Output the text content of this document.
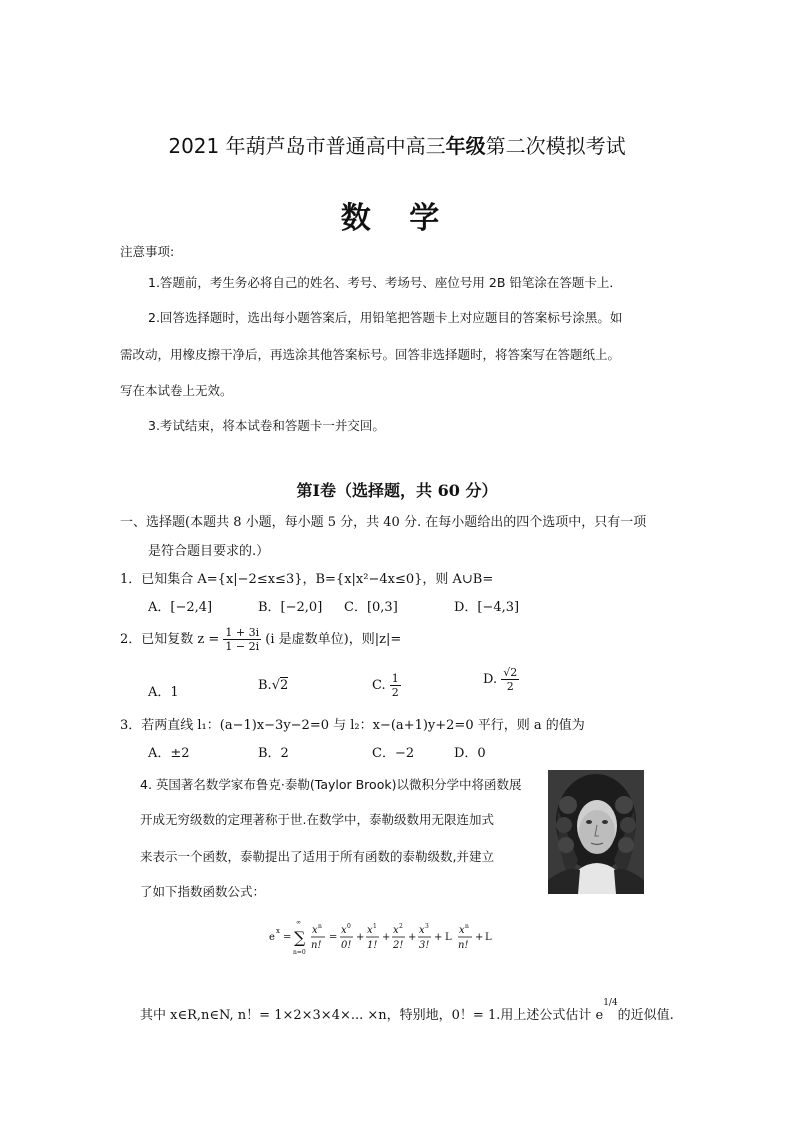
2021 年葫芦岛市普通高中高三年级第二次模拟考试
数 学
注意事项:
1.答题前，考生务必将自己的姓名、考号、考场号、座位号用 2B 铅笔涂在答题卡上．
2.回答选择题时，选出每小题答案后，用铅笔把答题卡上对应题目的答案标号涂黑。如
需改动，用橡皮擦干净后，再选涂其他答案标号。回答非选择题时，将答案写在答题纸上。
写在本试卷上无效。
3.考试结束，将本试卷和答题卡一并交回。
第Ⅰ卷（选择题，共 60 分）
一、选择题(本题共 8 小题，每小题 5 分，共 40 分. 在每小题给出的四个选项中，只有一项
是符合题目要求的.）
1．已知集合 A={x|−2≤x≤3}，B={x|x²−4x≤0}，则 A∪B=
A．[−2,4]	B．[−2,0] C．[0,3]	D．[−4,3]
2．已知复数 $z = \frac{1 + 3i}{1 - 2i} (i$ 是虚数单位)，则|z|=
A．1	B.√2	C. $\frac{1}{2}$	D. $\frac{√2}{2}$
3．若两直线 l₁：(a−1)x−3y−2=0 与 l₂：x−(a+1)y+2=0 平行，则 a 的值为
A．±2	B．2	C．−2	D．0
4. 英国著名数学家布鲁克·泰勒(Taylor Brook)以微积分学中将函数展
开成无穷级数的定理著称于世.在数学中，泰勒级数用无限连加式
来表示一个函数，泰勒提出了适用于所有函数的泰勒级数,并建立
了如下指数函数公式：
e
x
= ∑
∞
n=0
x n
n!
=
x 0
0!
+
x 1
1!
+
x 2
2!
+
x 3
3!
+ L
x n
n!
+ L
其中 x∈R,n∈N, n！= 1×2×3×4×... ×n，特别地，0！= 1.用上述公式估计 $e^{1/4}$的近似值.
